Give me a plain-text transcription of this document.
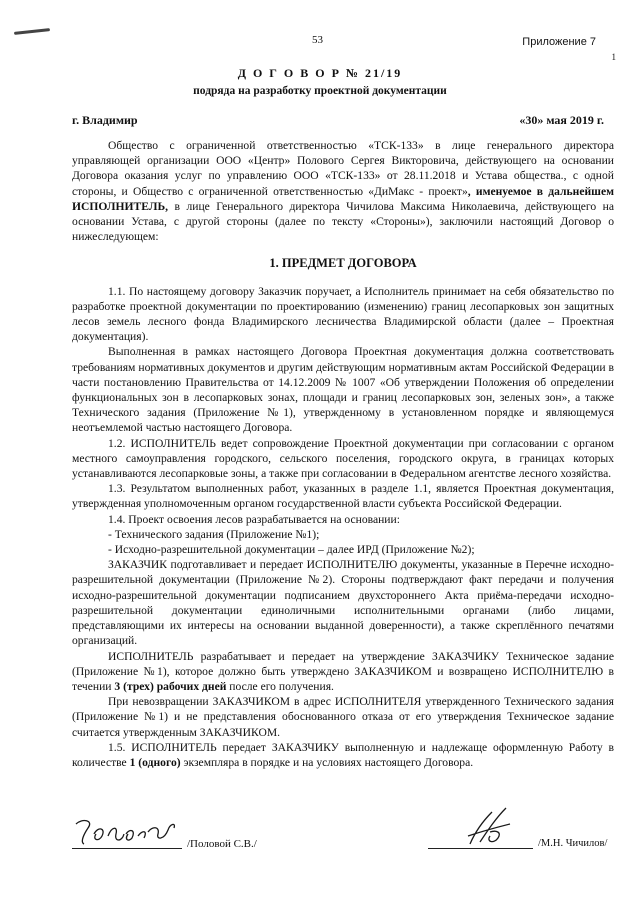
53	Приложение 7
1
Д О Г О В О Р № 21/19
подряда на разработку проектной документации
г. Владимир	«30» мая 2019 г.

Общество с ограниченной ответственностью «ТСК-133» в лице генерального директора управляющей организации ООО «Центр» Полового Сергея Викторовича, действующего на основании Договора оказания услуг по управлению ООО «ТСК-133» от 28.11.2018 и Устава общества., с одной стороны, и Общество с ограниченной ответственностью «ДиМакс - проект», именуемое в дальнейшем ИСПОЛНИТЕЛЬ, в лице Генерального директора Чичилова Максима Николаевича, действующего на основании Устава, с другой стороны (далее по тексту «Стороны»), заключили настоящий Договор о нижеследующем:

1. ПРЕДМЕТ ДОГОВОРА

1.1. По настоящему договору Заказчик поручает, а Исполнитель принимает на себя обязательство по разработке проектной документации по проектированию (изменению) границ лесопарковых зон защитных лесов земель лесного фонда Владимирского лесничества Владимирской области (далее – Проектная документация).

Выполненная в рамках настоящего Договора Проектная документация должна соответствовать требованиям нормативных документов и другим действующим нормативным актам Российской Федерации в части постановлению Правительства от 14.12.2009 № 1007 «Об утверждении Положения об определении функциональных зон в лесопарковых зонах, площади и границ лесопарковых зон, зеленых зон», а также Технического задания (Приложение №1), утвержденному в установленном порядке и являющемуся неотъемлемой частью настоящего Договора.

1.2. ИСПОЛНИТЕЛЬ ведет сопровождение Проектной документации при согласовании с органом местного самоуправления городского, сельского поселения, городского округа, в границах которых устанавливаются лесопарковые зоны, а также при согласовании в Федеральном агентстве лесного хозяйства.

1.3. Результатом выполненных работ, указанных в разделе 1.1, является Проектная документация, утвержденная уполномоченным органом государственной власти субъекта Российской Федерации.

1.4. Проект освоения лесов разрабатывается на основании:

- Технического задания (Приложение №1);

- Исходно-разрешительной документации – далее ИРД (Приложение №2);

ЗАКАЗЧИК подготавливает и передает ИСПОЛНИТЕЛЮ документы, указанные в Перечне исходно-разрешительной документации (Приложение №2). Стороны подтверждают факт передачи и получения исходно-разрешительной документации подписанием двухстороннего Акта приёма-передачи исходно-разрешительной документации единоличными исполнительными органами (либо лицами, представляющими их интересы на основании выданной доверенности), а также скреплённого печатями организаций.

ИСПОЛНИТЕЛЬ разрабатывает и передает на утверждение ЗАКАЗЧИКУ Техническое задание (Приложение №1), которое должно быть утверждено ЗАКАЗЧИКОМ и возвращено ИСПОЛНИТЕЛЮ в течении 3 (трех) рабочих дней после его получения.

При невозвращении ЗАКАЗЧИКОМ в адрес ИСПОЛНИТЕЛЯ утвержденного Технического задания (Приложение №1) и не представления обоснованного отказа от его утверждения Техническое задание считается утвержденным ЗАКАЗЧИКОМ.

1.5. ИСПОЛНИТЕЛЬ передает ЗАКАЗЧИКУ выполненную и надлежаще оформленную Работу в количестве 1 (одного) экземпляра в порядке и на условиях настоящего Договора.

/Половой С.В./	/М.Н. Чичилов/
